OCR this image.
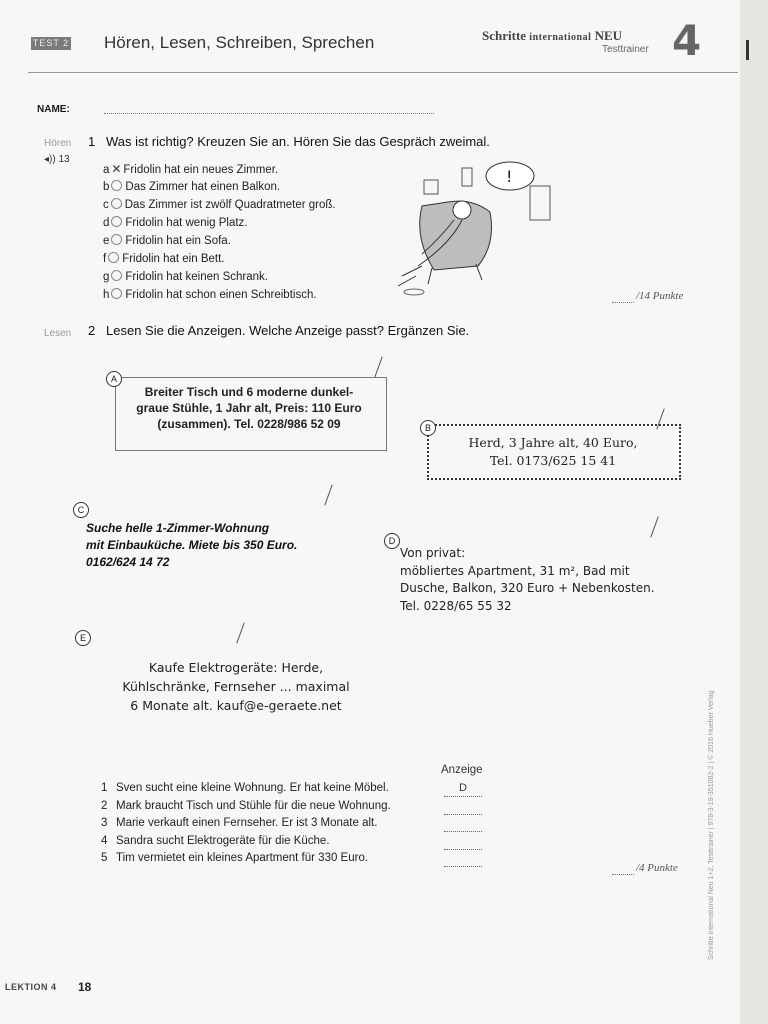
TEST 2 Hören, Lesen, Schreiben, Sprechen	Schritte international NEU
Testtrainer 4
NAME:
Hören
◂)) 13
1 Was ist richtig? Kreuzen Sie an. Hören Sie das Gespräch zweimal.
a ✕ Fridolin hat ein neues Zimmer.
b Das Zimmer hat einen Balkon.
c Das Zimmer ist zwölf Quadratmeter groß.
d Fridolin hat wenig Platz.
e Fridolin hat ein Sofa.
f Fridolin hat ein Bett.
g Fridolin hat keinen Schrank.
h Fridolin hat schon einen Schreibtisch.
!
/14 Punkte
Lesen 2 Lesen Sie die Anzeigen. Welche Anzeige passt? Ergänzen Sie.
A
Breiter Tisch und 6 moderne dunkel-
graue Stühle, 1 Jahr alt, Preis: 110 Euro
(zusammen). Tel. 0228/986 52 09	B
Herd, 3 Jahre alt, 40 Euro,
Tel. 0173/625 15 41
C
Suche helle 1-Zimmer-Wohnung
mit Einbauküche. Miete bis 350 Euro.
0162/624 14 72
D
Von privat:
möbliertes Apartment, 31 m², Bad mit
Dusche, Balkon, 320 Euro + Nebenkosten.
Tel. 0228/65 55 32
E
Kaufe Elektrogeräte: Herde,
Kühlschränke, Fernseher ... maximal
6 Monate alt. kauf@e-geraete.net
Anzeige
1 Sven sucht eine kleine Wohnung. Er hat keine Möbel.	D
2 Mark braucht Tisch und Stühle für die neue Wohnung.
3 Marie verkauft einen Fernseher. Er ist 3 Monate alt.
4 Sandra sucht Elektrogeräte für die Küche.
5 Tim vermietet ein kleines Apartment für 330 Euro.
/4 Punkte	Schritte international Neu 1+2, Testtrainer | 978-3-19-351082-2 | © 2016 Hueber Verlag
LEKTION 4 18
